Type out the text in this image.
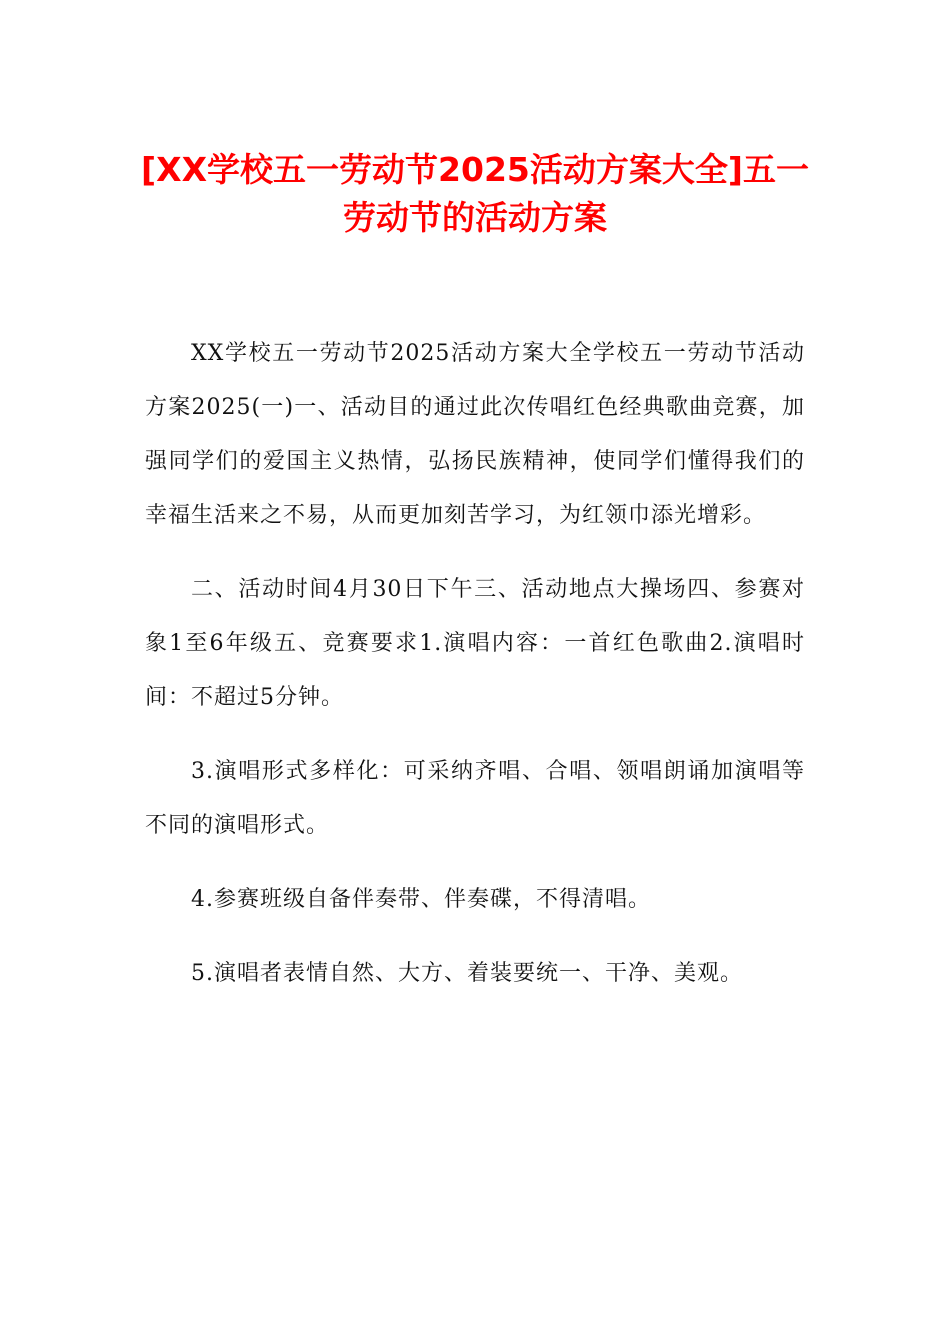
[XX学校五一劳动节2025活动方案大全]五一劳动节的活动方案

XX学校五一劳动节2025活动方案大全学校五一劳动节活动方案2025(一)一、活动目的通过此次传唱红色经典歌曲竞赛，加强同学们的爱国主义热情，弘扬民族精神，使同学们懂得我们的幸福生活来之不易，从而更加刻苦学习，为红领巾添光增彩。

二、活动时间4月30日下午三、活动地点大操场四、参赛对象1至6年级五、竞赛要求1.演唱内容：一首红色歌曲2.演唱时间：不超过5分钟。

3.演唱形式多样化：可采纳齐唱、合唱、领唱朗诵加演唱等不同的演唱形式。

4.参赛班级自备伴奏带、伴奏碟，不得清唱。

5.演唱者表情自然、大方、着装要统一、干净、美观。
